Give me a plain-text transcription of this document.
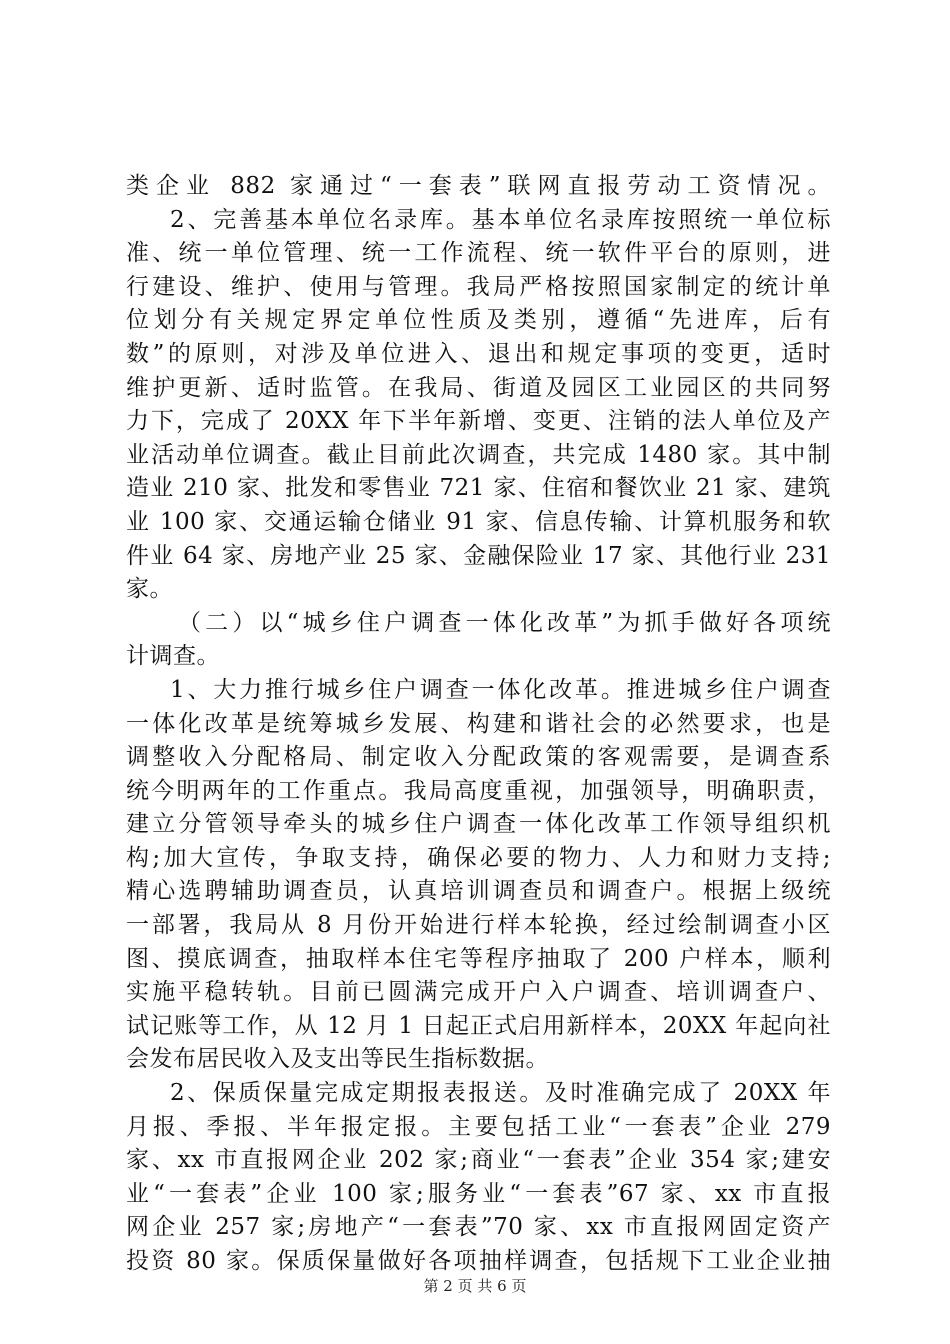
类企业 882 家通过“一套表”联网直报劳动工资情况。
2、完善基本单位名录库。基本单位名录库按照统一单位标
准、统一单位管理、统一工作流程、统一软件平台的原则，进
行建设、维护、使用与管理。我局严格按照国家制定的统计单
位划分有关规定界定单位性质及类别，遵循“先进库，后有
数”的原则，对涉及单位进入、退出和规定事项的变更，适时
维护更新、适时监管。在我局、街道及园区工业园区的共同努
力下，完成了 20XX 年下半年新增、变更、注销的法人单位及产
业活动单位调查。截止目前此次调查，共完成 1480 家。其中制
造业 210 家、批发和零售业 721 家、住宿和餐饮业 21 家、建筑
业 100 家、交通运输仓储业 91 家、信息传输、计算机服务和软
件业 64 家、房地产业 25 家、金融保险业 17 家、其他行业 231
家。
（二）以“城乡住户调查一体化改革”为抓手做好各项统
计调查。
1、大力推行城乡住户调查一体化改革。推进城乡住户调查
一体化改革是统筹城乡发展、构建和谐社会的必然要求，也是
调整收入分配格局、制定收入分配政策的客观需要，是调查系
统今明两年的工作重点。我局高度重视，加强领导，明确职责，
建立分管领导牵头的城乡住户调查一体化改革工作领导组织机
构;加大宣传，争取支持，确保必要的物力、人力和财力支持;
精心选聘辅助调查员，认真培训调查员和调查户。根据上级统
一部署，我局从 8 月份开始进行样本轮换，经过绘制调查小区
图、摸底调查，抽取样本住宅等程序抽取了 200 户样本，顺利
实施平稳转轨。目前已圆满完成开户入户调查、培训调查户、
试记账等工作，从 12 月 1 日起正式启用新样本，20XX 年起向社
会发布居民收入及支出等民生指标数据。
2、保质保量完成定期报表报送。及时准确完成了 20XX 年
月报、季报、半年报定报。主要包括工业“一套表”企业 279
家、xx 市直报网企业 202 家;商业“一套表”企业 354 家;建安
业“一套表”企业 100 家;服务业“一套表”67 家、xx 市直报
网企业 257 家;房地产“一套表”70 家、xx 市直报网固定资产
投资 80 家。保质保量做好各项抽样调查，包括规下工业企业抽
第 2 页 共 6 页
